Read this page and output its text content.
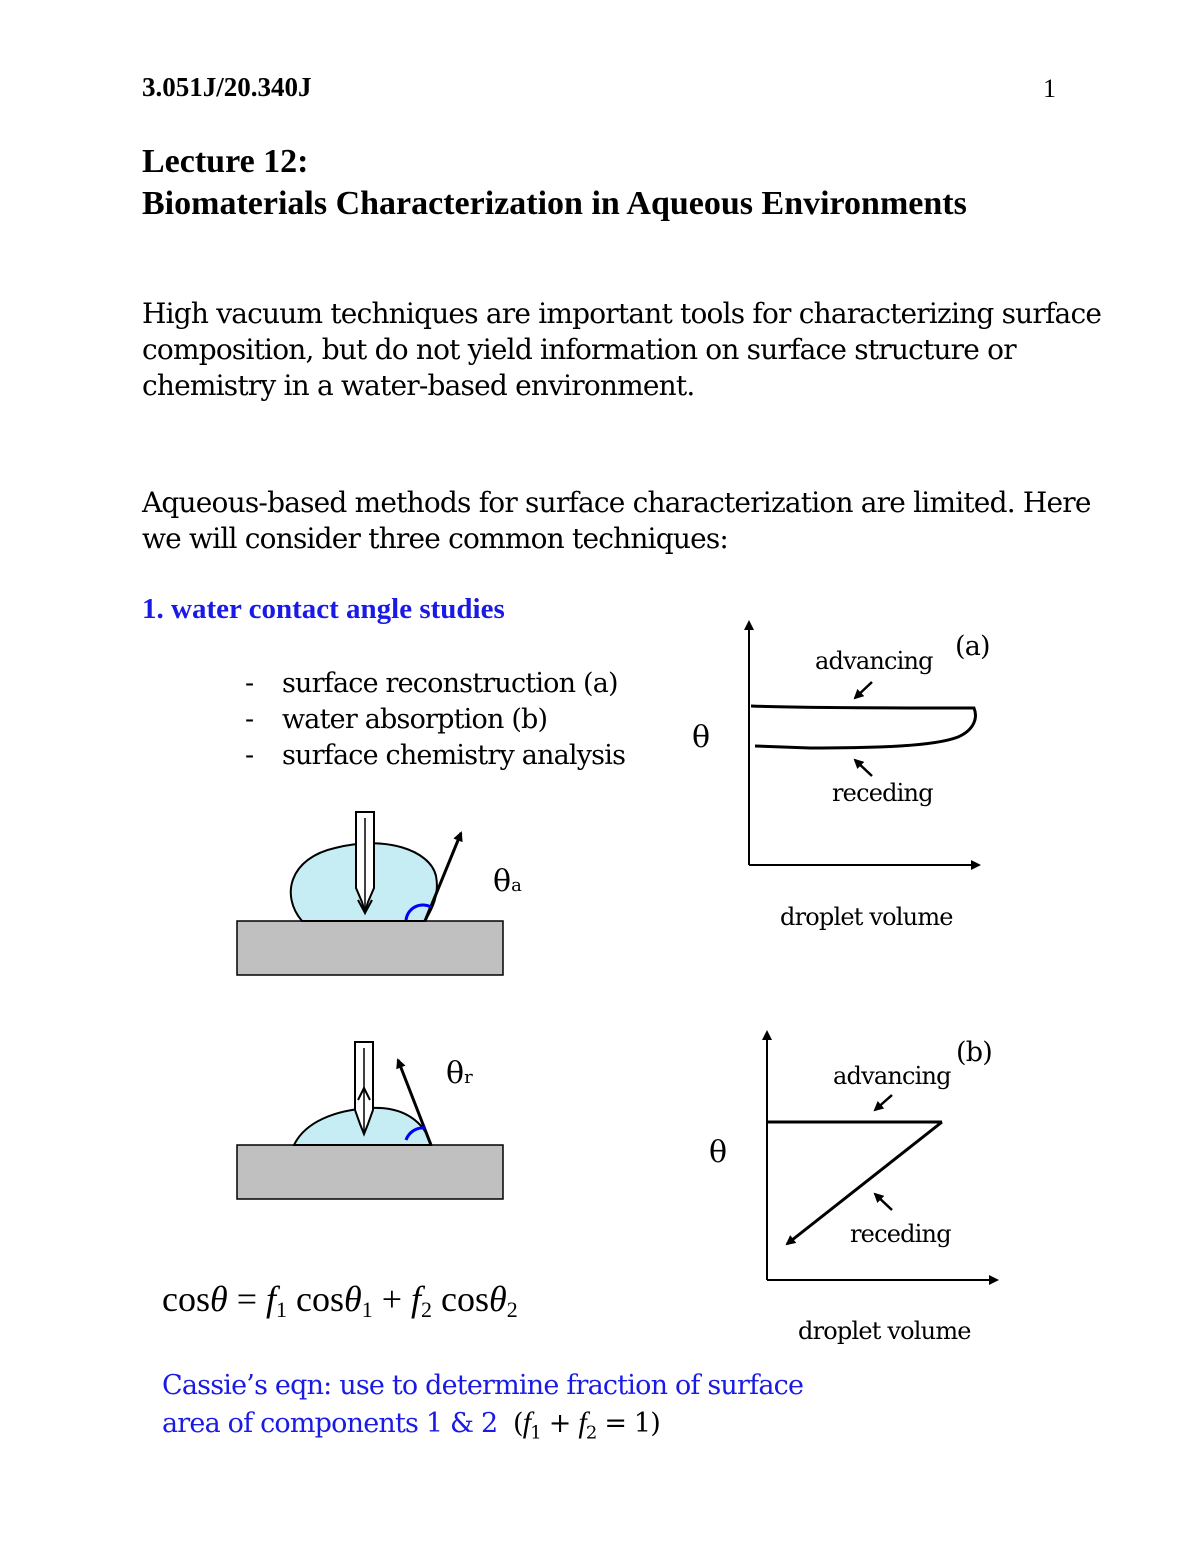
3.051J/20.340J	1
Lecture 12:
Biomaterials Characterization in Aqueous Environments
High vacuum techniques are important tools for characterizing surface
composition, but do not yield information on surface structure or
chemistry in a water-based environment.
Aqueous-based methods for surface characterization are limited. Here
we will consider three common techniques:
1. water contact angle studies
- surface reconstruction (a)
- water absorption (b)
- surface chemistry analysis
θa
θr
(a)
advancing
receding
θ
droplet volume
(b)
advancing
receding
θ
droplet volume
$\cos\theta = f_1$ $\cos\theta_1 + f_2$ cosθ$_2$
Cassie’s eqn: use to determine fraction of surface
area of components 1 & 2 $(f_1 + f_2 = 1)$
